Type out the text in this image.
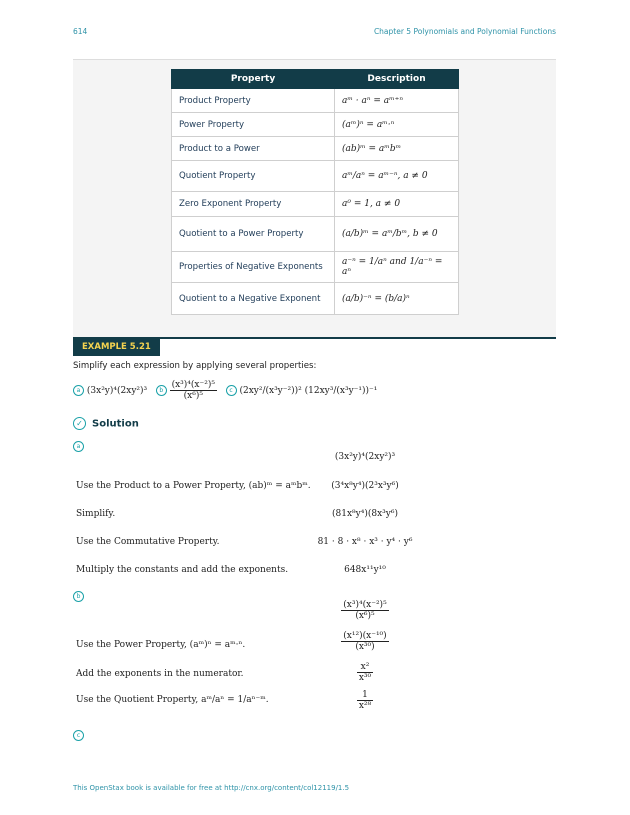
614	Chapter 5 Polynomials and Polynomial Functions
Property	Description
Product Property	aᵐ · aⁿ = aᵐ⁺ⁿ
Power Property	(aᵐ)ⁿ = aᵐ·ⁿ
Product to a Power	(ab)ᵐ = aᵐbᵐ
Quotient Property	aᵐ/aⁿ = aᵐ⁻ⁿ, a ≠ 0
Zero Exponent Property	a⁰ = 1, a ≠ 0
Quotient to a Power Property	(a/b)ᵐ = aᵐ/bᵐ, b ≠ 0
Properties of Negative Exponents	a⁻ⁿ = 1/aⁿ and 1/a⁻ⁿ = aⁿ
Quotient to a Negative Exponent	(a/b)⁻ⁿ = (b/a)ⁿ
EXAMPLE 5.21
Simplify each expression by applying several properties:
a (3x²y)⁴(2xy²)³ b $\frac{\text{(x³)⁴(x⁻²)⁵}}{\text{(x⁶)⁵}}$ c (2xy²/(x³y⁻²))² (12xy³/(x³y⁻¹))⁻¹
✓ Solution
a
(3x²y)⁴(2xy²)³
Use the Product to a Power Property, (ab)ᵐ = aᵐbᵐ.	(3⁴x⁸y⁴)(2³x³y⁶)
Simplify.	(81x⁸y⁴)(8x³y⁶)
Use the Commutative Property.	81 · 8 · x⁸ · x³ · y⁴ · y⁶
Multiply the constants and add the exponents.	648x¹¹y¹⁰
b
$\frac{\text{(x³)⁴(x⁻²)⁵}}{\text{(x⁶)⁵}}$
Use the Power Property, (aᵐ)ⁿ = aᵐ·ⁿ.	$\frac{\text{(x¹²)(x⁻¹⁰)}}{\text{(x³⁰)}}$
Add the exponents in the numerator.	$\frac{\text{x²}}{\text{x³⁰}}$
Use the Quotient Property, aᵐ/aⁿ = 1/aⁿ⁻ᵐ.	$\frac{1}{\text{x²⁸}}$
c
This OpenStax book is available for free at http://cnx.org/content/col12119/1.5
